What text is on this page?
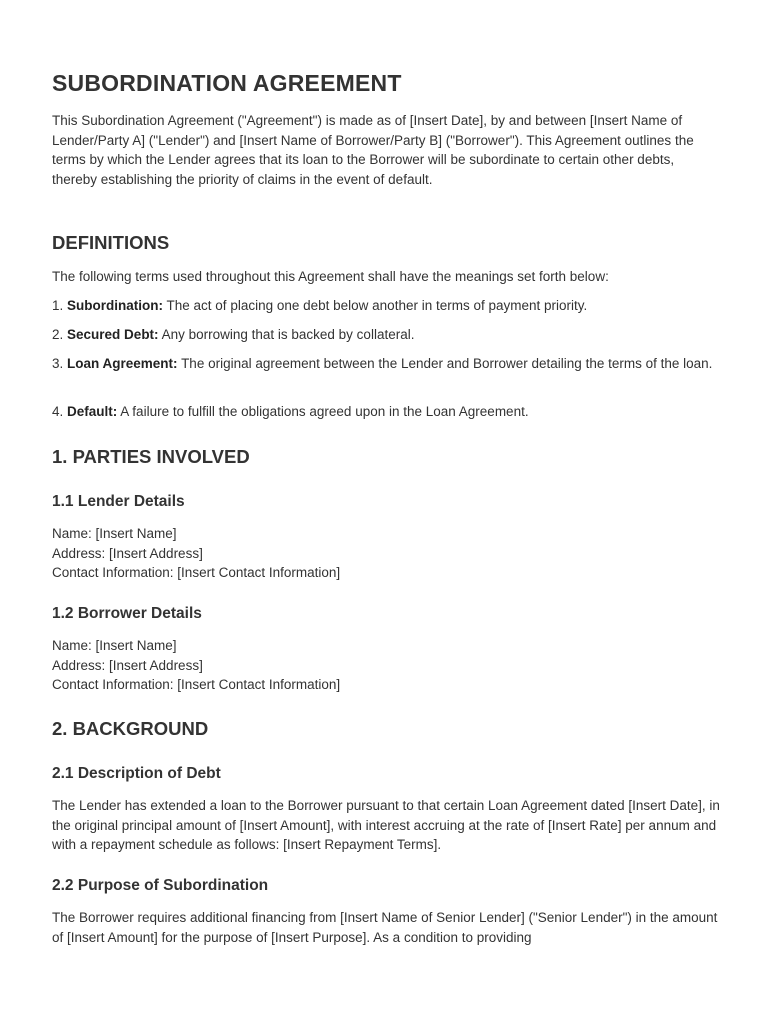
SUBORDINATION AGREEMENT

This Subordination Agreement ("Agreement") is made as of [Insert Date], by and between [Insert Name of Lender/Party A] ("Lender") and [Insert Name of Borrower/Party B] ("Borrower"). This Agreement outlines the terms by which the Lender agrees that its loan to the Borrower will be subordinate to certain other debts, thereby establishing the priority of claims in the event of default.

DEFINITIONS

The following terms used throughout this Agreement shall have the meanings set forth below:

1. Subordination: The act of placing one debt below another in terms of payment priority.

2. Secured Debt: Any borrowing that is backed by collateral.

3. Loan Agreement: The original agreement between the Lender and Borrower detailing the terms of the loan.

4. Default: A failure to fulfill the obligations agreed upon in the Loan Agreement.

1. PARTIES INVOLVED
1.1 Lender Details
Name: [Insert Name]
Address: [Insert Address]
Contact Information: [Insert Contact Information]
1.2 Borrower Details
Name: [Insert Name]
Address: [Insert Address]
Contact Information: [Insert Contact Information]
2. BACKGROUND
2.1 Description of Debt

The Lender has extended a loan to the Borrower pursuant to that certain Loan Agreement dated [Insert Date], in the original principal amount of [Insert Amount], with interest accruing at the rate of [Insert Rate] per annum and with a repayment schedule as follows: [Insert Repayment Terms].

2.2 Purpose of Subordination

The Borrower requires additional financing from [Insert Name of Senior Lender] ("Senior Lender") in the amount of [Insert Amount] for the purpose of [Insert Purpose]. As a condition to providing
